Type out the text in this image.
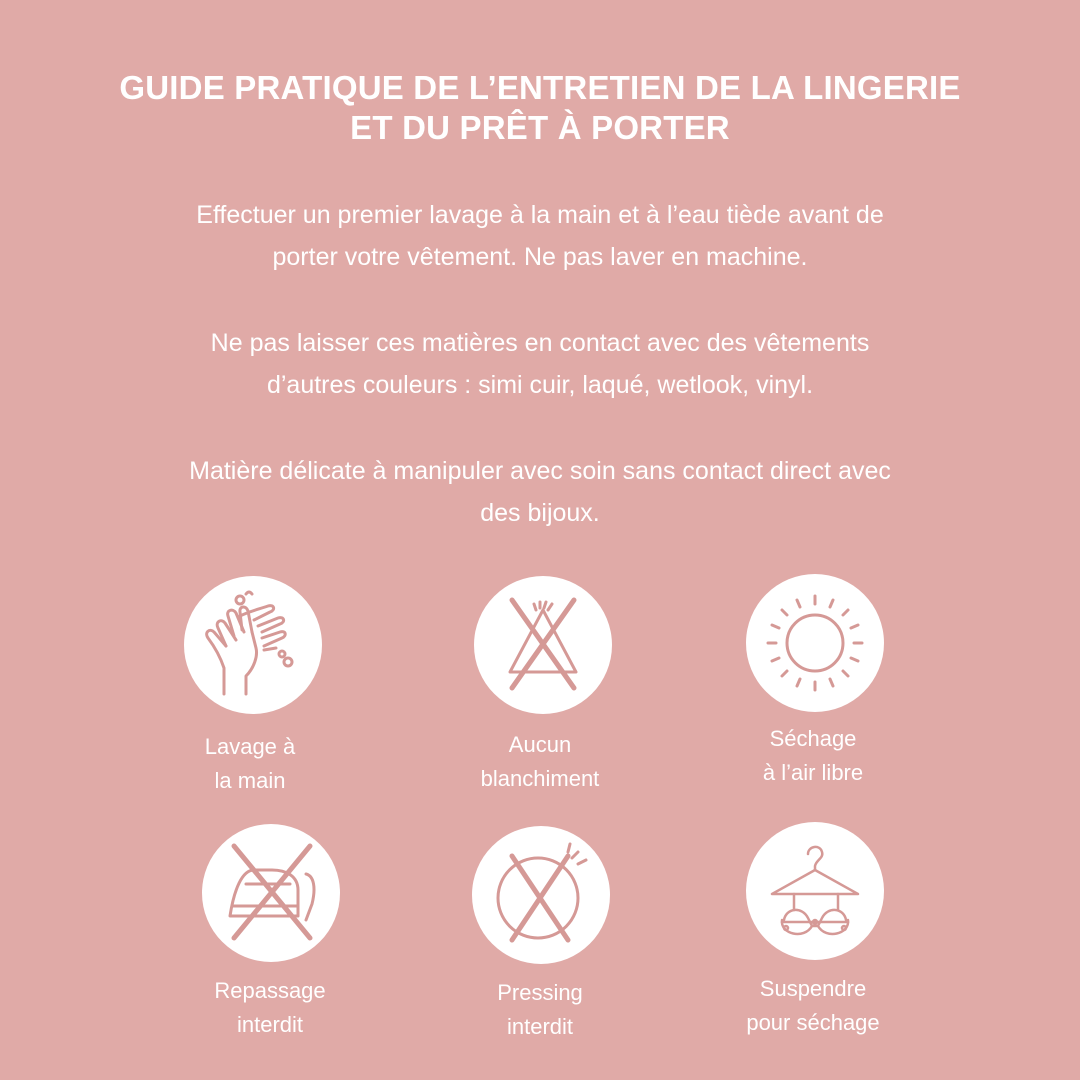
GUIDE PRATIQUE DE L’ENTRETIEN DE LA LINGERIE
ET DU PRÊT À PORTER
Effectuer un premier lavage à la main et à l’eau tiède avant de
porter votre vêtement. Ne pas laver en machine.
Ne pas laisser ces matières en contact avec des vêtements
d’autres couleurs : simi cuir, laqué, wetlook, vinyl.
Matière délicate à manipuler avec soin sans contact direct avec
des bijoux.
Lavage à
la main
Aucun
blanchiment
Séchage
à l’air libre
Repassage
interdit
Pressing
interdit
Suspendre
pour séchage
